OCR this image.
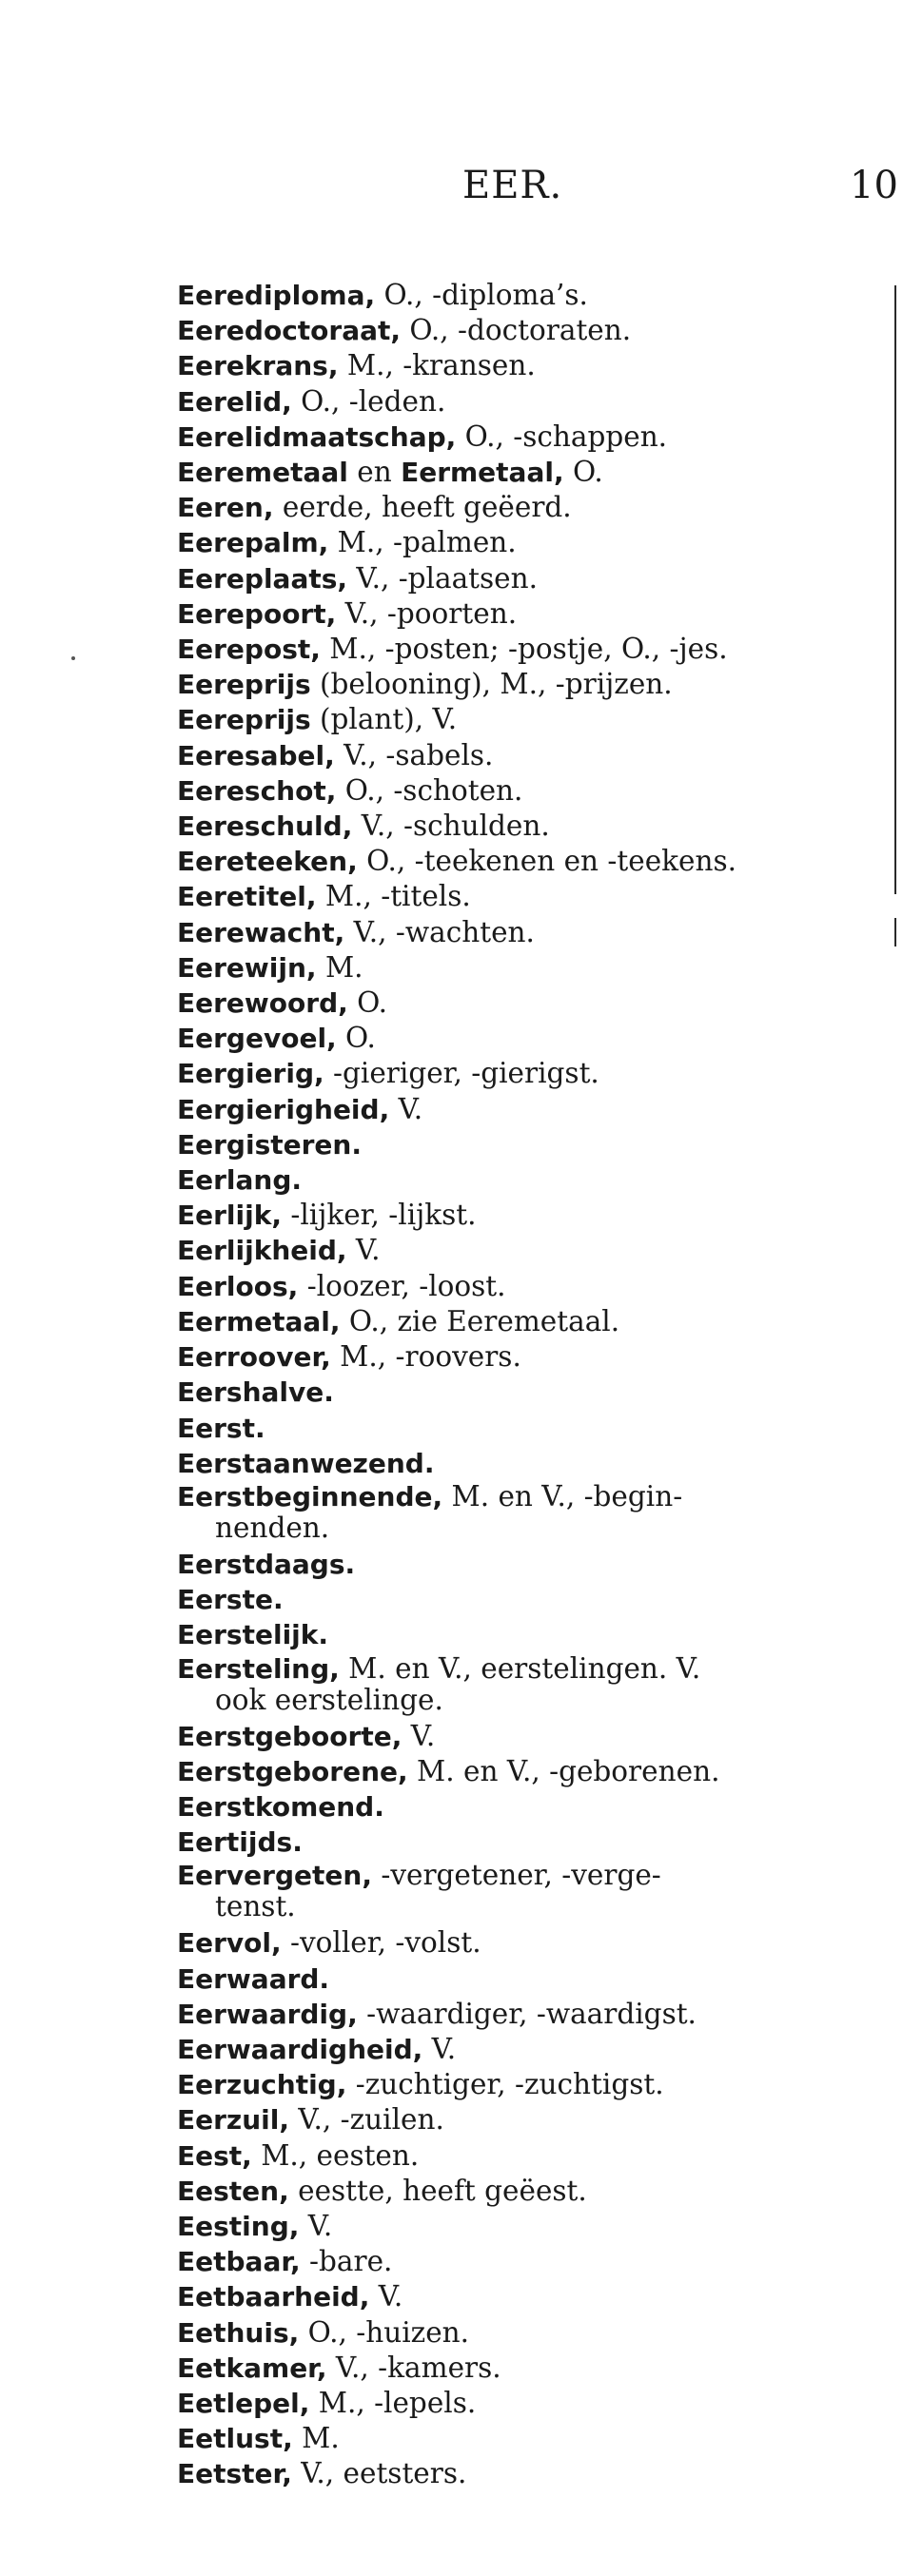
EER.	10
Eerediploma, O., -diploma’s.
Eeredoctoraat, O., -doctoraten.
Eerekrans, M., -kransen.
Eerelid, O., -leden.
Eerelidmaatschap, O., -schappen.
Eeremetaal en Eermetaal, O.
Eeren, eerde, heeft geëerd.
Eerepalm, M., -palmen.
Eereplaats, V., -plaatsen.
Eerepoort, V., -poorten.
Eerepost, M., -posten; -postje, O., -jes.
Eereprijs (belooning), M., -prijzen.
Eereprijs (plant), V.
Eeresabel, V., -sabels.
Eereschot, O., -schoten.
Eereschuld, V., -schulden.
Eereteeken, O., -teekenen en -teekens.
Eeretitel, M., -titels.
Eerewacht, V., -wachten.
Eerewijn, M.
Eerewoord, O.
Eergevoel, O.
Eergierig, -gieriger, -gierigst.
Eergierigheid, V.
Eergisteren.
Eerlang.
Eerlijk, -lijker, -lijkst.
Eerlijkheid, V.
Eerloos, -loozer, -loost.
Eermetaal, O., zie Eeremetaal.
Eerroover, M., -roovers.
Eershalve.
Eerst.
Eerstaanwezend.
Eerstbeginnende, M. en V., -begin-
nenden.
Eerstdaags.
Eerste.
Eerstelijk.
Eersteling, M. en V., eerstelingen. V.
ook eerstelinge.
Eerstgeboorte, V.
Eerstgeborene, M. en V., -geborenen.
Eerstkomend.
Eertijds.
Eervergeten, -vergetener, -verge-
tenst.
Eervol, -voller, -volst.
Eerwaard.
Eerwaardig, -waardiger, -waardigst.
Eerwaardigheid, V.
Eerzuchtig, -zuchtiger, -zuchtigst.
Eerzuil, V., -zuilen.
Eest, M., eesten.
Eesten, eestte, heeft geëest.
Eesting, V.
Eetbaar, -bare.
Eetbaarheid, V.
Eethuis, O., -huizen.
Eetkamer, V., -kamers.
Eetlepel, M., -lepels.
Eetlust, M.
Eetster, V., eetsters.
